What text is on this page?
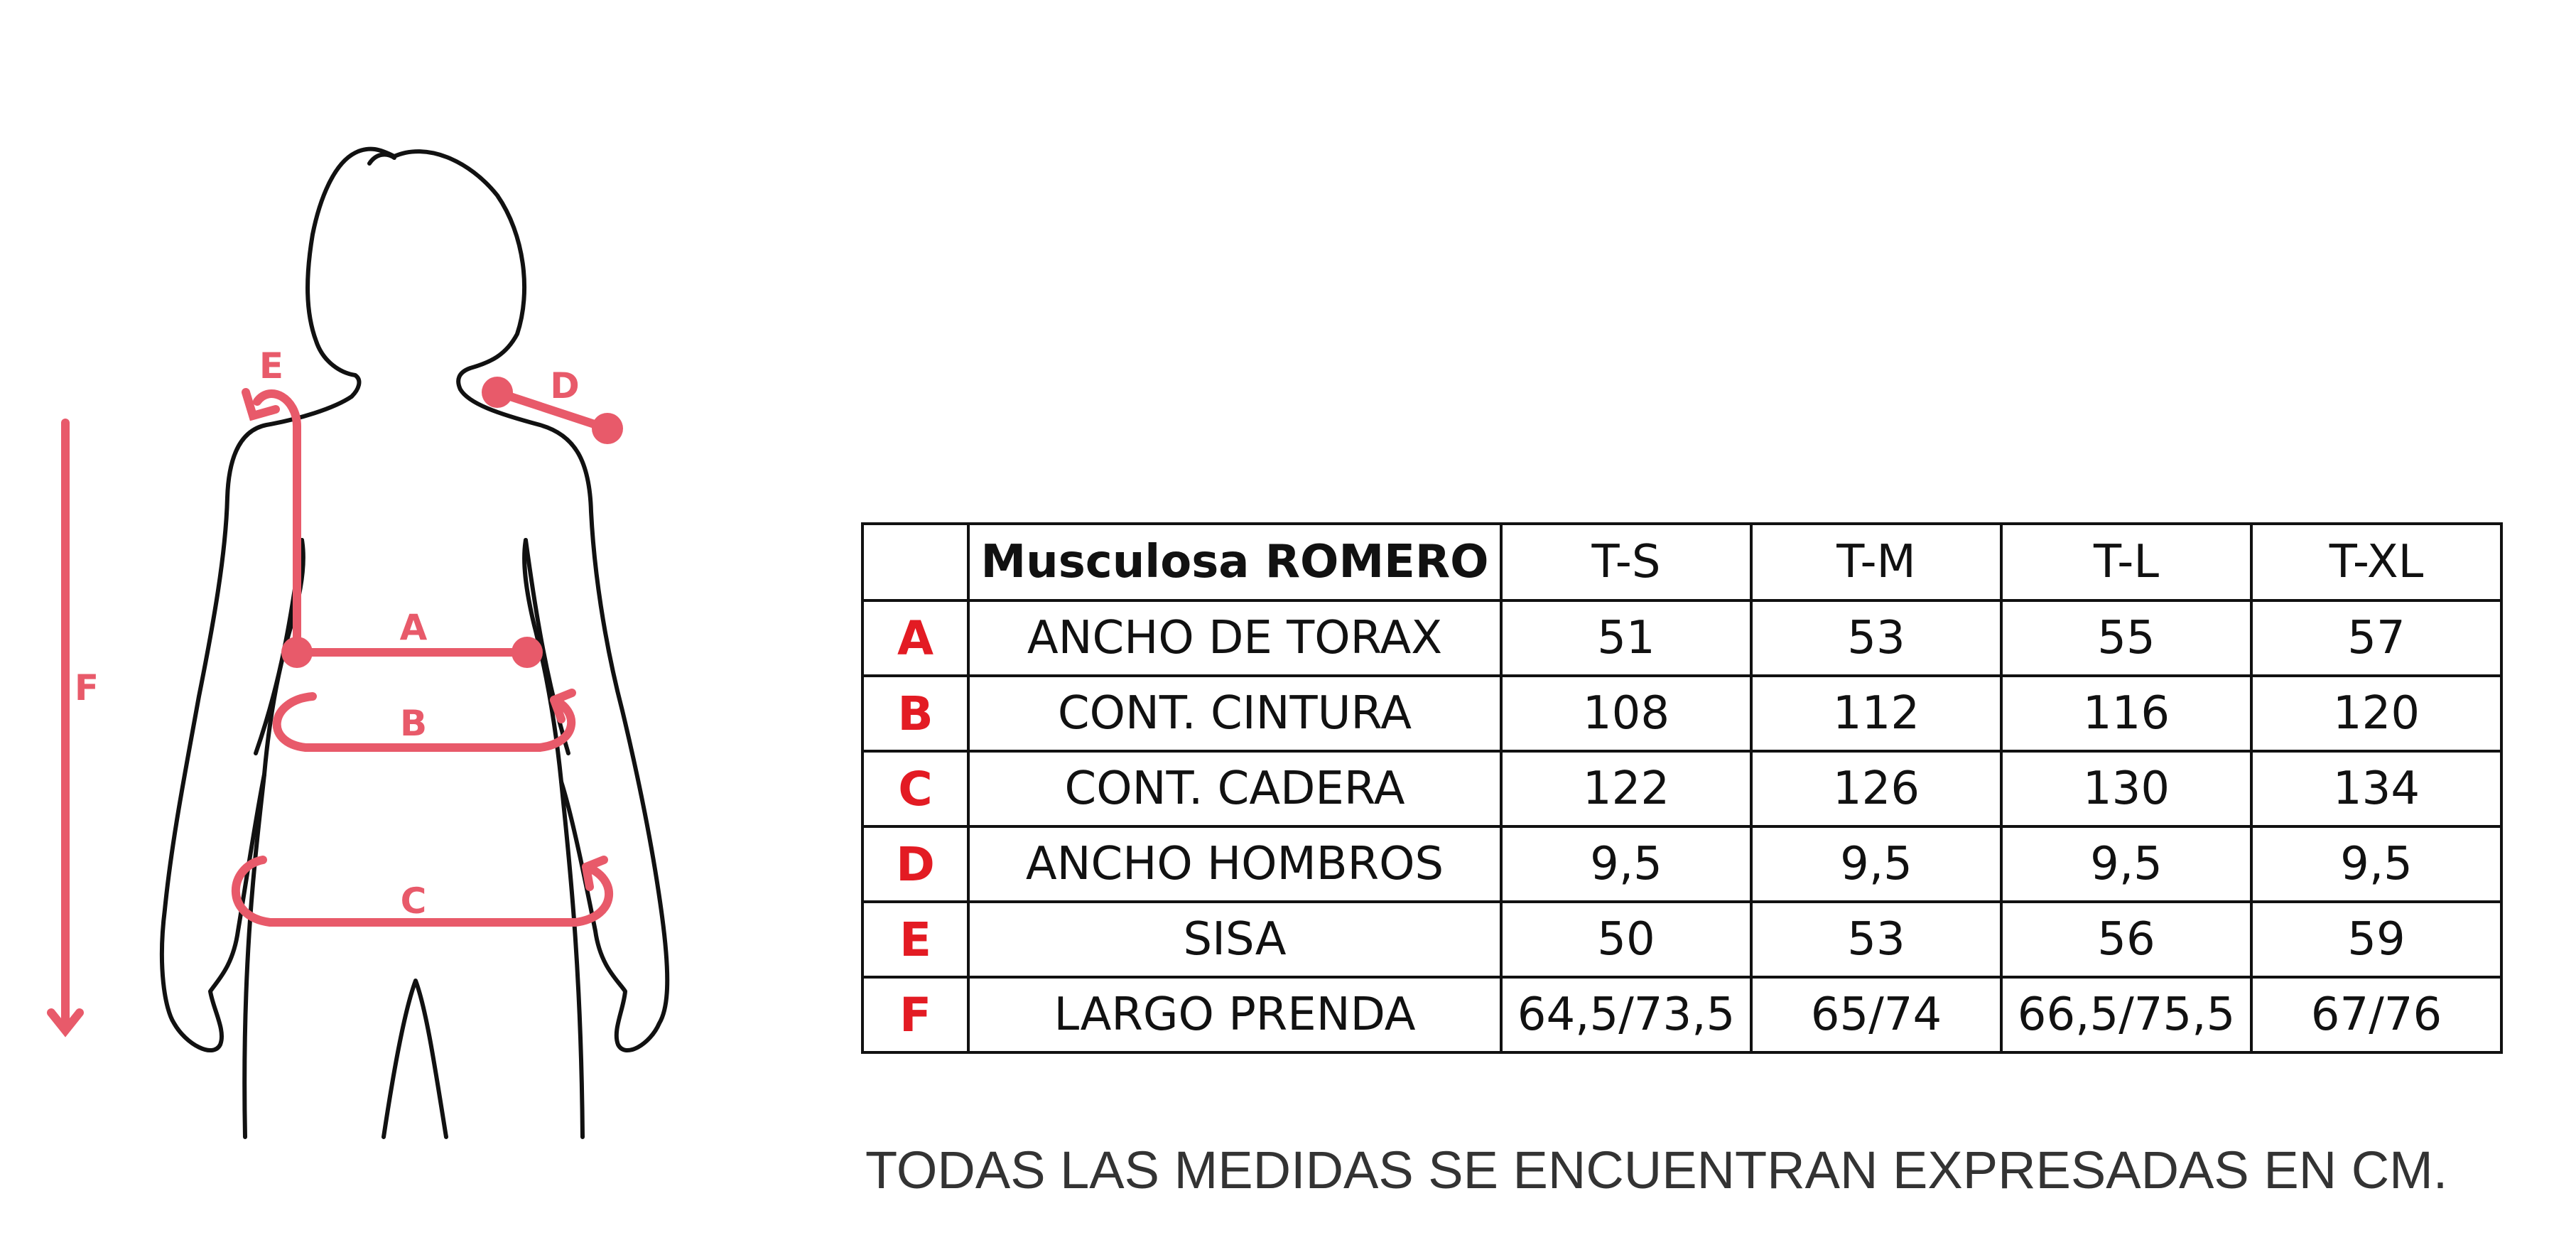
A
B
C
D
E
F
	Musculosa ROMERO	T-S	T-M	T-L	T-XL
A	ANCHO DE TORAX	51	53	55	57
B	CONT. CINTURA	108	112	116	120
C	CONT. CADERA	122	126	130	134
D	ANCHO HOMBROS	9,5	9,5	9,5	9,5
E	SISA	50	53	56	59
F	LARGO PRENDA	64,5/73,5	65/74	66,5/75,5	67/76
TODAS LAS MEDIDAS SE ENCUENTRAN EXPRESADAS EN CM.
